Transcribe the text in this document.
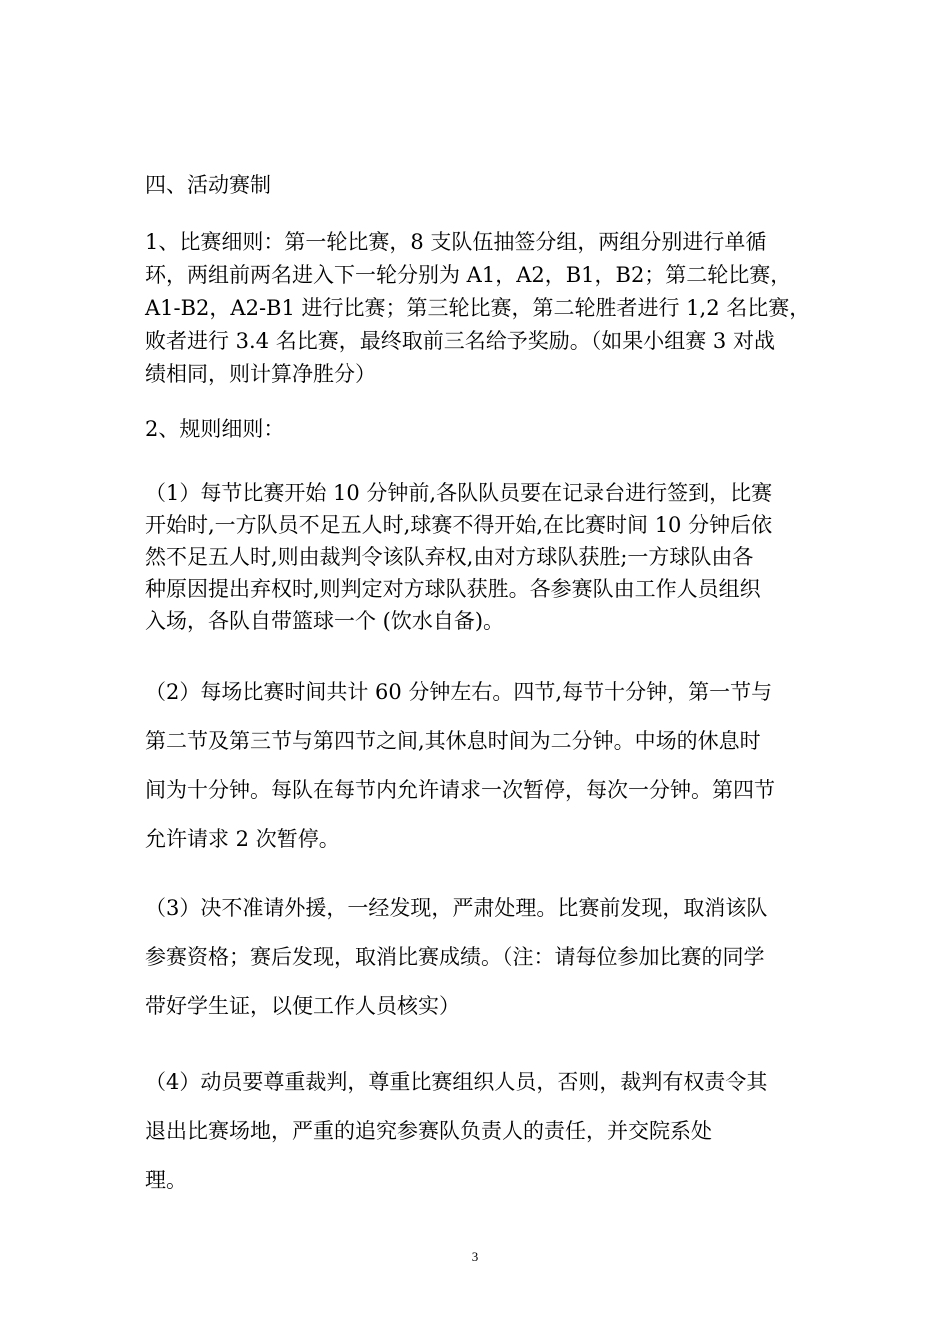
四、活动赛制

1、比赛细则：第一轮比赛，8 支队伍抽签分组，两组分别进行单循
环，两组前两名进入下一轮分别为 A1，A2，B1，B2；第二轮比赛，
A1-B2，A2-B1 进行比赛；第三轮比赛，第二轮胜者进行 1,2 名比赛，
败者进行 3.4 名比赛，最终取前三名给予奖励。（如果小组赛 3 对战
绩相同，则计算净胜分）

2、规则细则：

（1）每节比赛开始 10 分钟前,各队队员要在记录台进行签到，比赛
开始时,一方队员不足五人时,球赛不得开始,在比赛时间 10 分钟后依
然不足五人时,则由裁判令该队弃权,由对方球队获胜;一方球队由各
种原因提出弃权时,则判定对方球队获胜。各参赛队由工作人员组织
入场，各队自带篮球一个 (饮水自备)。

（2）每场比赛时间共计 60 分钟左右。四节,每节十分钟，第一节与
第二节及第三节与第四节之间,其休息时间为二分钟。中场的休息时
间为十分钟。每队在每节内允许请求一次暂停，每次一分钟。第四节
允许请求 2 次暂停。

（3）决不准请外援，一经发现，严肃处理。比赛前发现，取消该队
参赛资格；赛后发现，取消比赛成绩。（注：请每位参加比赛的同学
带好学生证，以便工作人员核实）

（4）动员要尊重裁判，尊重比赛组织人员，否则，裁判有权责令其
退出比赛场地，严重的追究参赛队负责人的责任，并交院系处
理。

3
